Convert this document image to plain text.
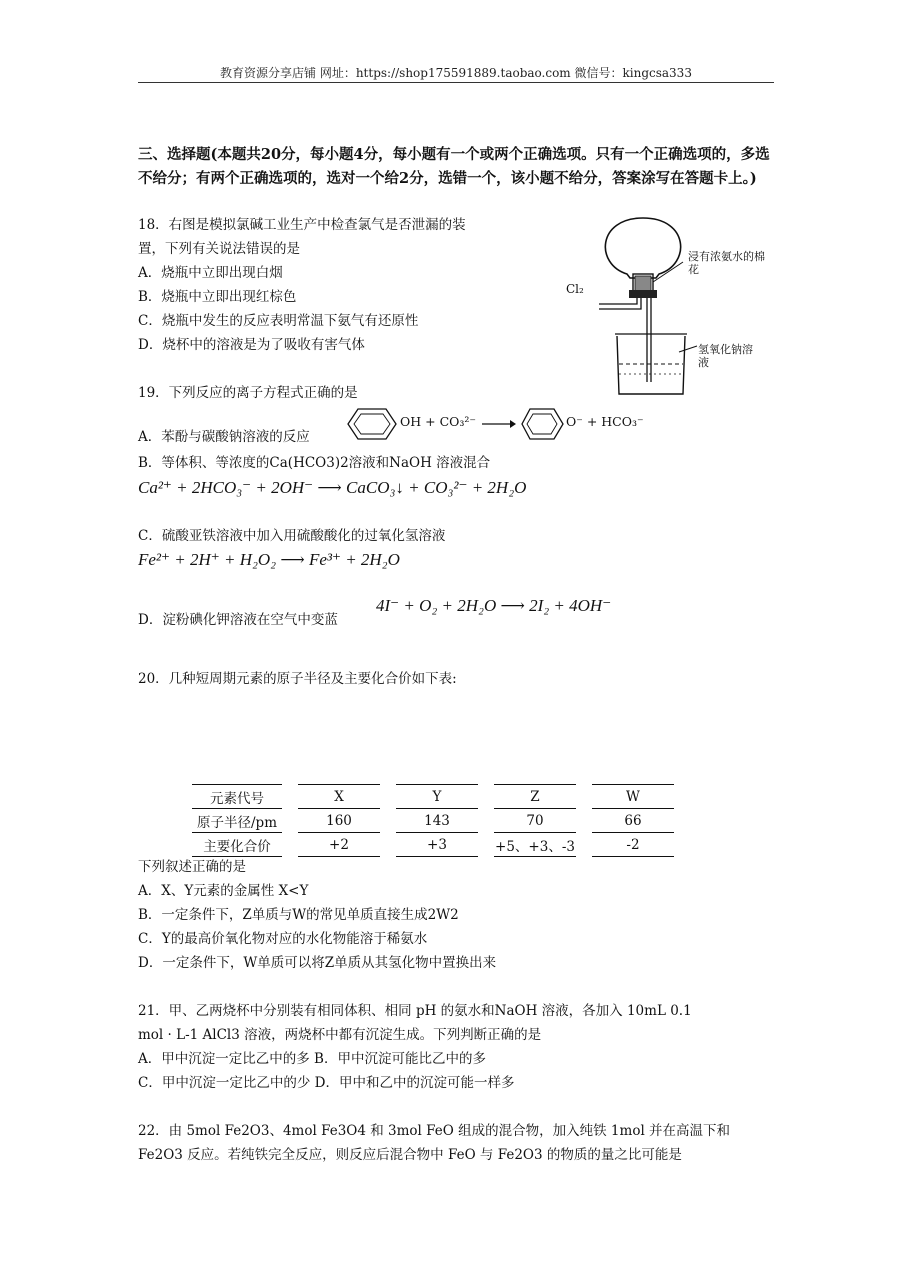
教育资源分享店铺 网址：https://shop175591889.taobao.com 微信号：kingcsa333
三、选择题(本题共20分，每小题4分，每小题有一个或两个正确选项。只有一个正确选项的，多选不给分；有两个正确选项的，选对一个给2分，选错一个，该小题不给分，答案涂写在答题卡上。)
18．右图是模拟氯碱工业生产中检查氯气是否泄漏的装
置，下列有关说法错误的是
A．烧瓶中立即出现白烟
B．烧瓶中立即出现红棕色
C．烧瓶中发生的反应表明常温下氨气有还原性
D．烧杯中的溶液是为了吸收有害气体
浸有浓氨水的棉花
Cl₂
氢氧化钠溶液
19．下列反应的离子方程式正确的是
A．苯酚与碳酸钠溶液的反应
OH + CO₃²⁻ →	O⁻ + HCO₃⁻
B．等体积、等浓度的Ca(HCO3)2溶液和NaOH 溶液混合
Ca²⁺ + 2HCO₃⁻ + 2OH⁻ ⟶ CaCO₃↓ + CO₃²⁻ + 2H₂O
C．硫酸亚铁溶液中加入用硫酸酸化的过氧化氢溶液
Fe²⁺ + 2H⁺ + H₂O₂ ⟶ Fe³⁺ + 2H₂O
D．淀粉碘化钾溶液在空气中变蓝
4I⁻ + O₂ + 2H₂O ⟶ 2I₂ + 4OH⁻
20．几种短周期元素的原子半径及主要化合价如下表:
元素代号	X	Y	Z	W
原子半径/pm	160	143	70	66
主要化合价	+2	+3	+5、+3、-3	-2
下列叙述正确的是
A．X、Y元素的金属性 X<Y
B．一定条件下，Z单质与W的常见单质直接生成2W2
C．Y的最高价氧化物对应的水化物能溶于稀氨水
D．一定条件下，W单质可以将Z单质从其氢化物中置换出来
21．甲、乙两烧杯中分别装有相同体积、相同 pH 的氨水和NaOH 溶液，各加入 10mL 0.1
mol · L-1 AlCl3 溶液，两烧杯中都有沉淀生成。下列判断正确的是
A．甲中沉淀一定比乙中的多 B．甲中沉淀可能比乙中的多
C．甲中沉淀一定比乙中的少 D．甲中和乙中的沉淀可能一样多
22．由 5mol Fe2O3、4mol Fe3O4 和 3mol FeO 组成的混合物，加入纯铁 1mol 并在高温下和
Fe2O3 反应。若纯铁完全反应，则反应后混合物中 FeO 与 Fe2O3 的物质的量之比可能是
